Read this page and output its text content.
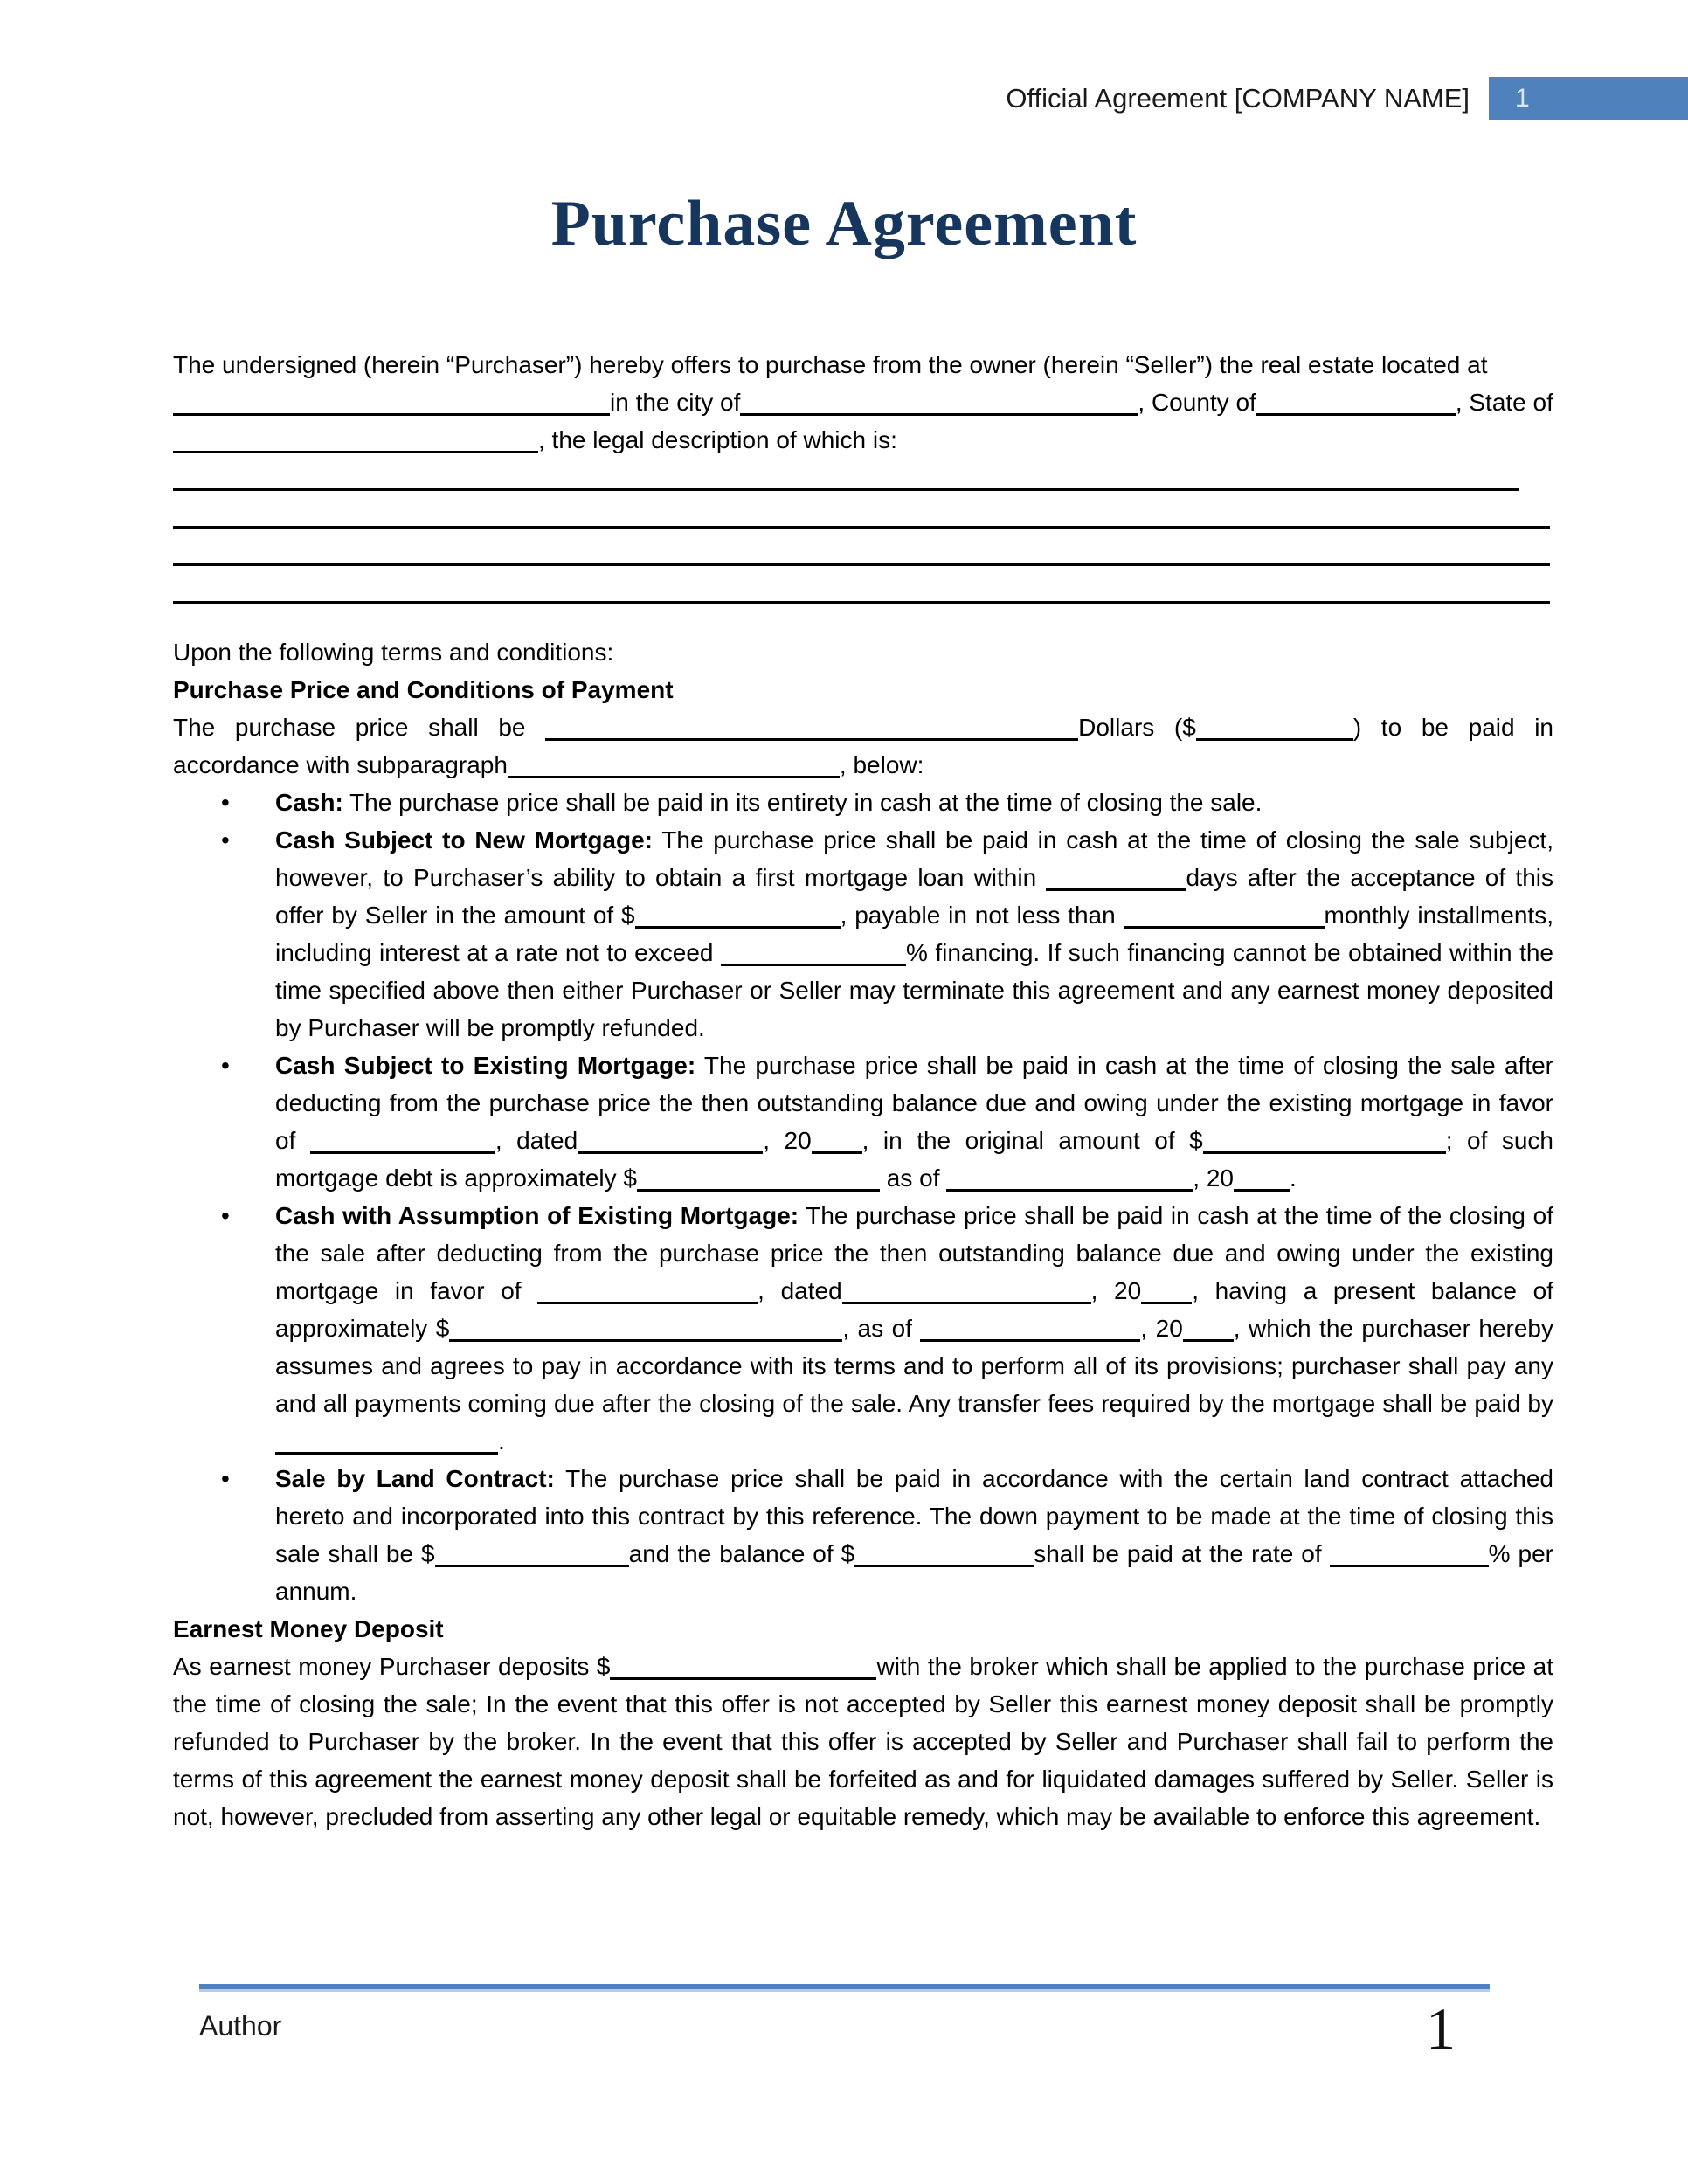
Official Agreement [COMPANY NAME] 1
Purchase Agreement
The undersigned (herein “Purchaser”) hereby offers to purchase from the owner (herein “Seller”) the real estate located at in the city of	, County of	, State of, the legal description of which is:
Upon the following terms and conditions:
Purchase Price and Conditions of Payment
The purchase price shall be	Dollars ($	) to be paid in accordance with subparagraph	, below:
• Cash: The purchase price shall be paid in its entirety in cash at the time of closing the sale.
• Cash Subject to New Mortgage: The purchase price shall be paid in cash at the time of closing the sale subject, however, to Purchaser’s ability to obtain a first mortgage loan within	days after the acceptance of this offer by Seller in the amount of $	, payable in not less than	monthly installments, including interest at a rate not to exceed	% financing. If such financing cannot be obtained within the time specified above then either Purchaser or Seller may terminate this agreement and any earnest money deposited by Purchaser will be promptly refunded.
• Cash Subject to Existing Mortgage: The purchase price shall be paid in cash at the time of closing the sale after deducting from the purchase price the then outstanding balance due and owing under the existing mortgage in favor of	, dated	, 20 , in the original amount of $	; of such mortgage debt is approximately $	as of	, 20 .
• Cash with Assumption of Existing Mortgage: The purchase price shall be paid in cash at the time of the closing of the sale after deducting from the purchase price the then outstanding balance due and owing under the existing mortgage in favor of	, dated	, 20 , having a present balance of approximately $	, as of	, 20 , which the purchaser hereby assumes and agrees to pay in accordance with its terms and to perform all of its provisions; purchaser shall pay any and all payments coming due after the closing of the sale. Any transfer fees required by the mortgage shall be paid by.
• Sale by Land Contract: The purchase price shall be paid in accordance with the certain land contract attached hereto and incorporated into this contract by this reference. The down payment to be made at the time of closing this sale shall be $	and the balance of $	shall be paid at the rate of	% per annum.
Earnest Money Deposit
As earnest money Purchaser deposits $	with the broker which shall be applied to the purchase price at the time of closing the sale; In the event that this offer is not accepted by Seller this earnest money deposit shall be promptly refunded to Purchaser by the broker. In the event that this offer is accepted by Seller and Purchaser shall fail to perform the terms of this agreement the earnest money deposit shall be forfeited as and for liquidated damages suffered by Seller. Seller is not, however, precluded from asserting any other legal or equitable remedy, which may be available to enforce this agreement.
Author	1
